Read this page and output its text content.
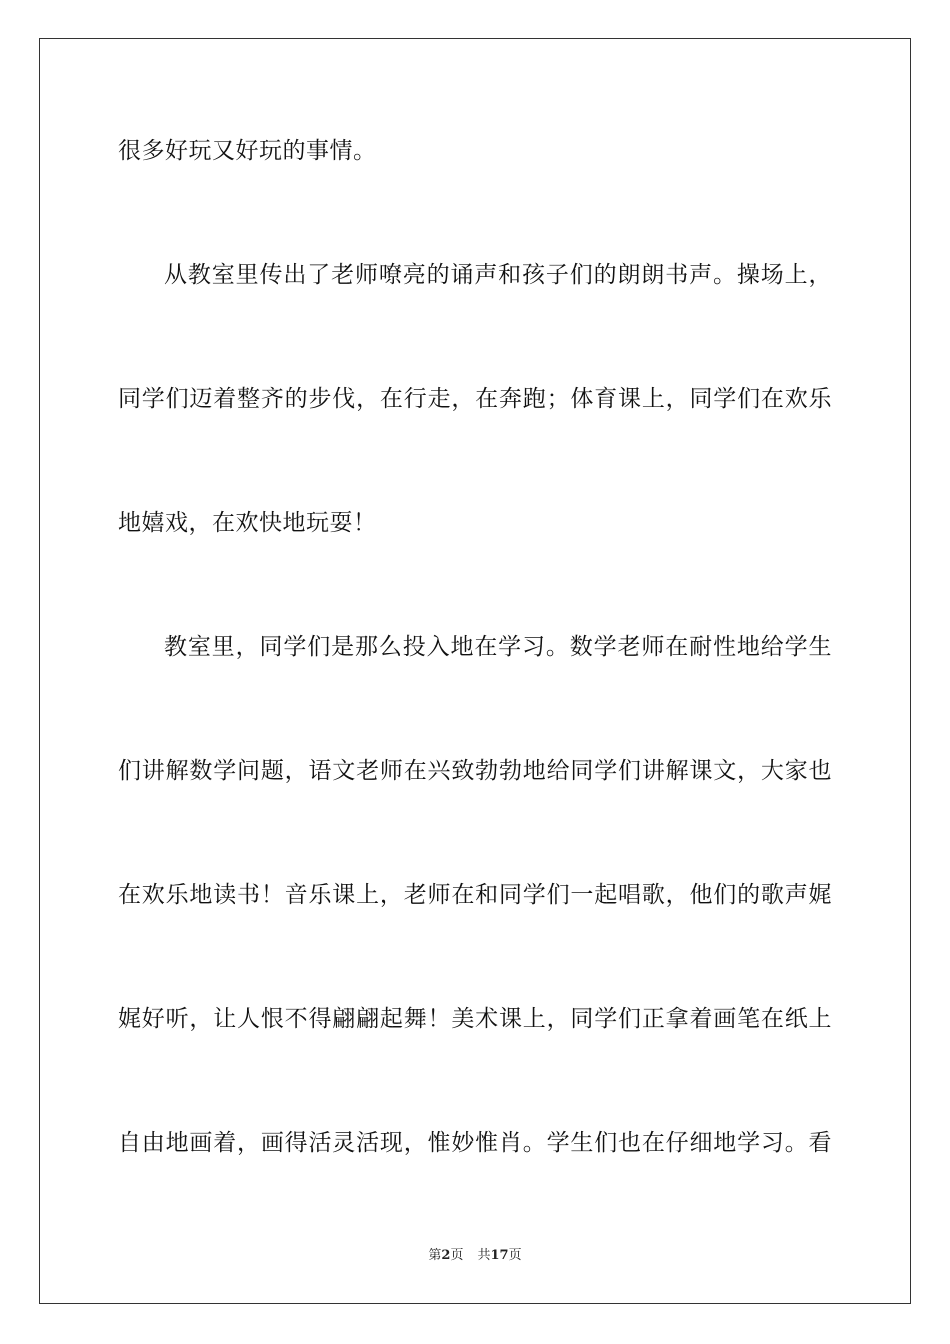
很多好玩又好玩的事情。
从教室里传出了老师嘹亮的诵声和孩子们的朗朗书声。操场上，
同学们迈着整齐的步伐，在行走，在奔跑；体育课上，同学们在欢乐
地嬉戏，在欢快地玩耍！
教室里，同学们是那么投入地在学习。数学老师在耐性地给学生
们讲解数学问题，语文老师在兴致勃勃地给同学们讲解课文，大家也
在欢乐地读书！音乐课上，老师在和同学们一起唱歌，他们的歌声娓
娓好听，让人恨不得翩翩起舞！美术课上，同学们正拿着画笔在纸上
自由地画着，画得活灵活现，惟妙惟肖。学生们也在仔细地学习。看
第2页 共17页
